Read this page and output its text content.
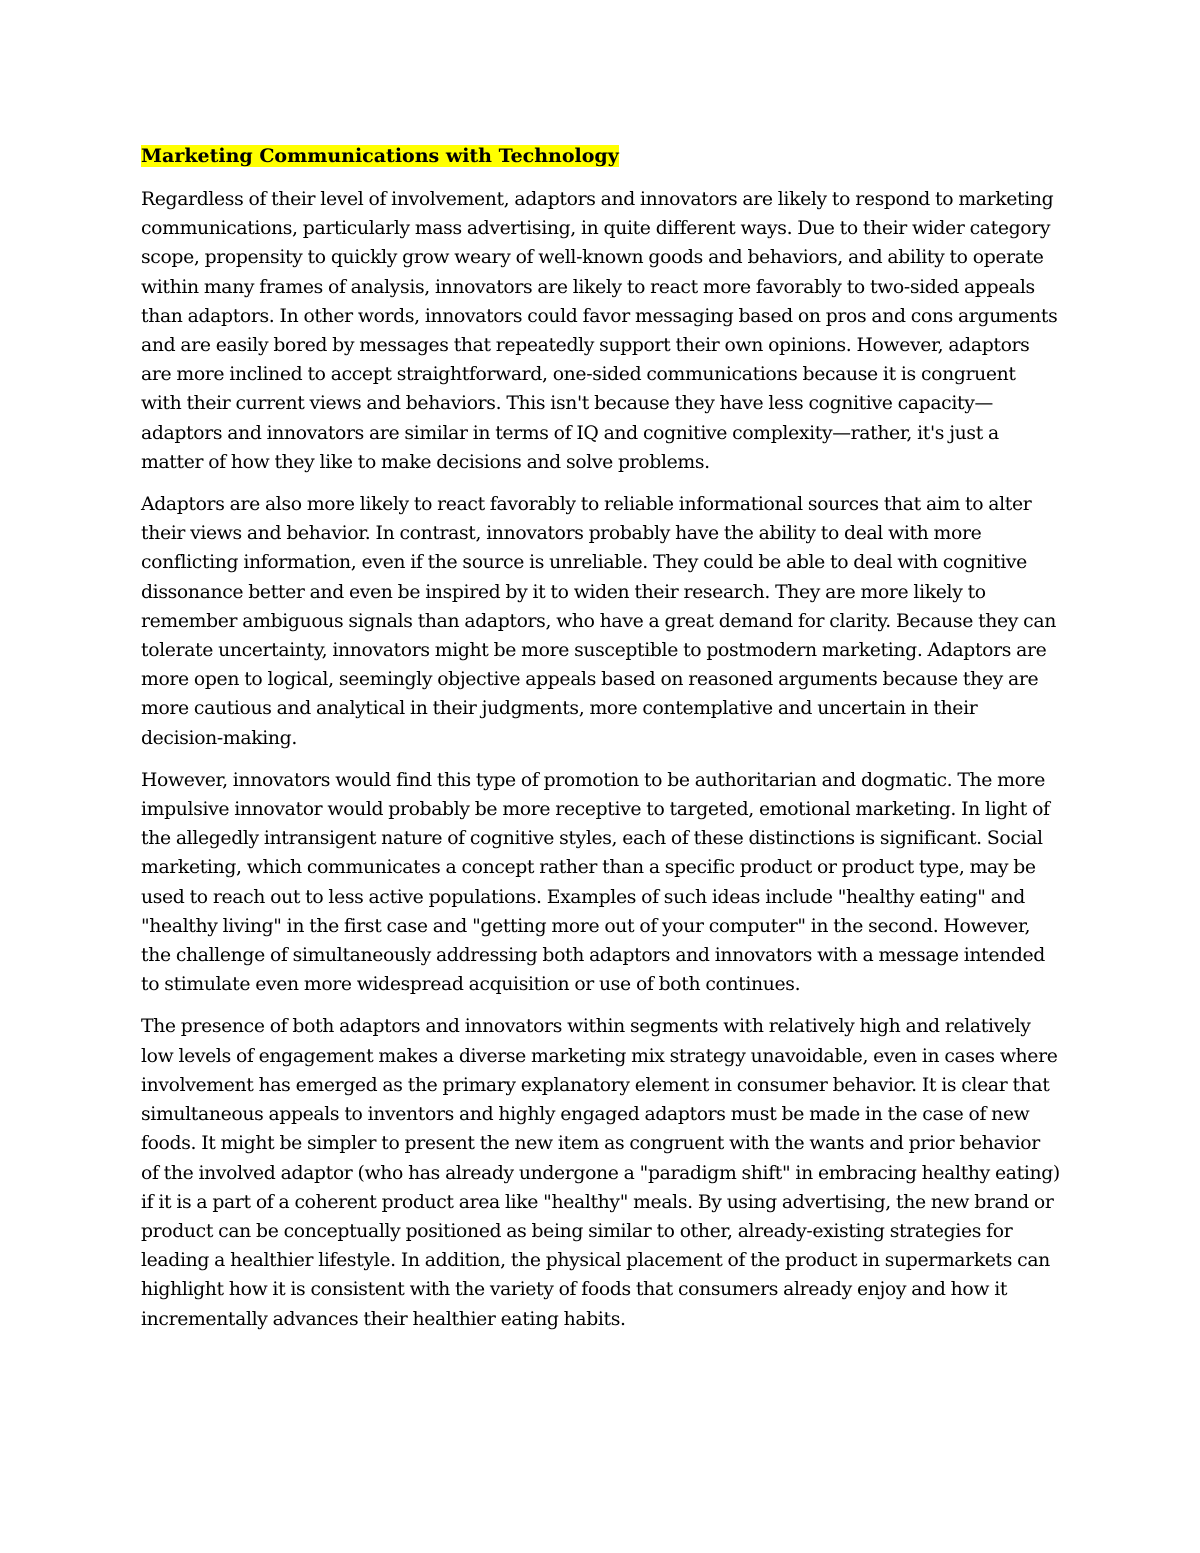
Marketing Communications with Technology

Regardless of their level of involvement, adaptors and innovators are likely to respond to marketing communications, particularly mass advertising, in quite different ways. Due to their wider category scope, propensity to quickly grow weary of well-known goods and behaviors, and ability to operate within many frames of analysis, innovators are likely to react more favorably to two-sided appeals than adaptors. In other words, innovators could favor messaging based on pros and cons arguments and are easily bored by messages that repeatedly support their own opinions. However, adaptors are more inclined to accept straightforward, one-sided communications because it is congruent with their current views and behaviors. This isn't because they have less cognitive capacity—adaptors and innovators are similar in terms of IQ and cognitive complexity—rather, it's just a matter of how they like to make decisions and solve problems.

Adaptors are also more likely to react favorably to reliable informational sources that aim to alter their views and behavior. In contrast, innovators probably have the ability to deal with more conflicting information, even if the source is unreliable. They could be able to deal with cognitive dissonance better and even be inspired by it to widen their research. They are more likely to remember ambiguous signals than adaptors, who have a great demand for clarity. Because they can tolerate uncertainty, innovators might be more susceptible to postmodern marketing. Adaptors are more open to logical, seemingly objective appeals based on reasoned arguments because they are more cautious and analytical in their judgments, more contemplative and uncertain in their decision-making.

However, innovators would find this type of promotion to be authoritarian and dogmatic. The more impulsive innovator would probably be more receptive to targeted, emotional marketing. In light of the allegedly intransigent nature of cognitive styles, each of these distinctions is significant. Social marketing, which communicates a concept rather than a specific product or product type, may be used to reach out to less active populations. Examples of such ideas include "healthy eating" and "healthy living" in the first case and "getting more out of your computer" in the second. However, the challenge of simultaneously addressing both adaptors and innovators with a message intended to stimulate even more widespread acquisition or use of both continues.

The presence of both adaptors and innovators within segments with relatively high and relatively low levels of engagement makes a diverse marketing mix strategy unavoidable, even in cases where involvement has emerged as the primary explanatory element in consumer behavior. It is clear that simultaneous appeals to inventors and highly engaged adaptors must be made in the case of new foods. It might be simpler to present the new item as congruent with the wants and prior behavior of the involved adaptor (who has already undergone a "paradigm shift" in embracing healthy eating) if it is a part of a coherent product area like "healthy" meals. By using advertising, the new brand or product can be conceptually positioned as being similar to other, already-existing strategies for leading a healthier lifestyle. In addition, the physical placement of the product in supermarkets can highlight how it is consistent with the variety of foods that consumers already enjoy and how it incrementally advances their healthier eating habits.
